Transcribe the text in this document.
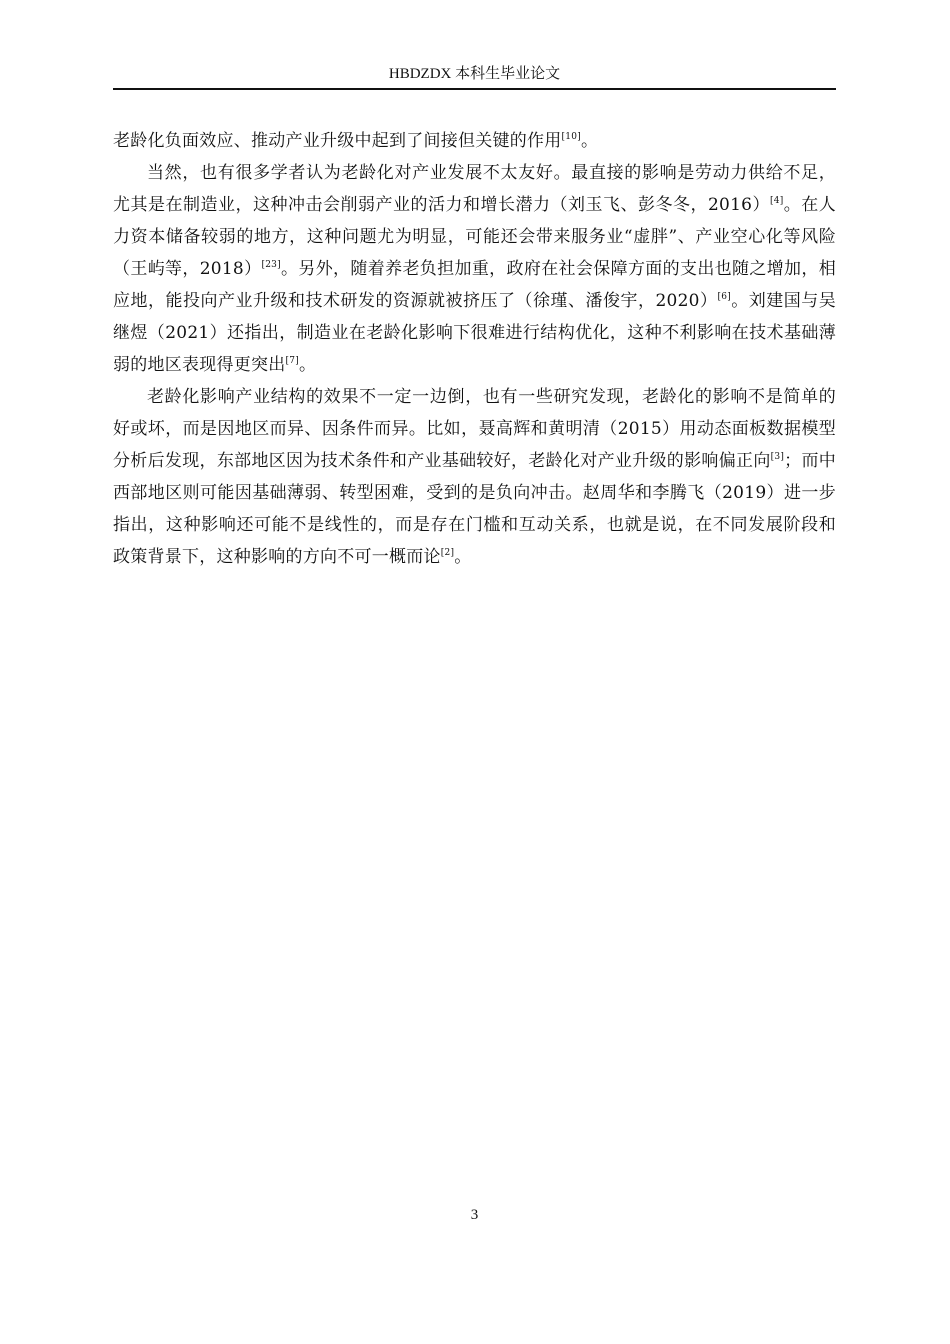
HBDZDX 本科生毕业论文

老龄化负面效应、推动产业升级中起到了间接但关键的作用[10]。

当然，也有很多学者认为老龄化对产业发展不太友好。最直接的影响是劳动力供给不足，尤其是在制造业，这种冲击会削弱产业的活力和增长潜力（刘玉飞、彭冬冬，2016）[4]。在人力资本储备较弱的地方，这种问题尤为明显，可能还会带来服务业“虚胖”、产业空心化等风险（王屿等，2018）[23]。另外，随着养老负担加重，政府在社会保障方面的支出也随之增加，相应地，能投向产业升级和技术研发的资源就被挤压了（徐瑾、潘俊宇，2020）[6]。刘建国与吴继煜（2021）还指出，制造业在老龄化影响下很难进行结构优化，这种不利影响在技术基础薄弱的地区表现得更突出[7]。

老龄化影响产业结构的效果不一定一边倒，也有一些研究发现，老龄化的影响不是简单的好或坏，而是因地区而异、因条件而异。比如，聂高辉和黄明清（2015）用动态面板数据模型分析后发现，东部地区因为技术条件和产业基础较好，老龄化对产业升级的影响偏正向[3]；而中西部地区则可能因基础薄弱、转型困难，受到的是负向冲击。赵周华和李腾飞（2019）进一步指出，这种影响还可能不是线性的，而是存在门槛和互动关系，也就是说，在不同发展阶段和政策背景下，这种影响的方向不可一概而论[2]。

3
